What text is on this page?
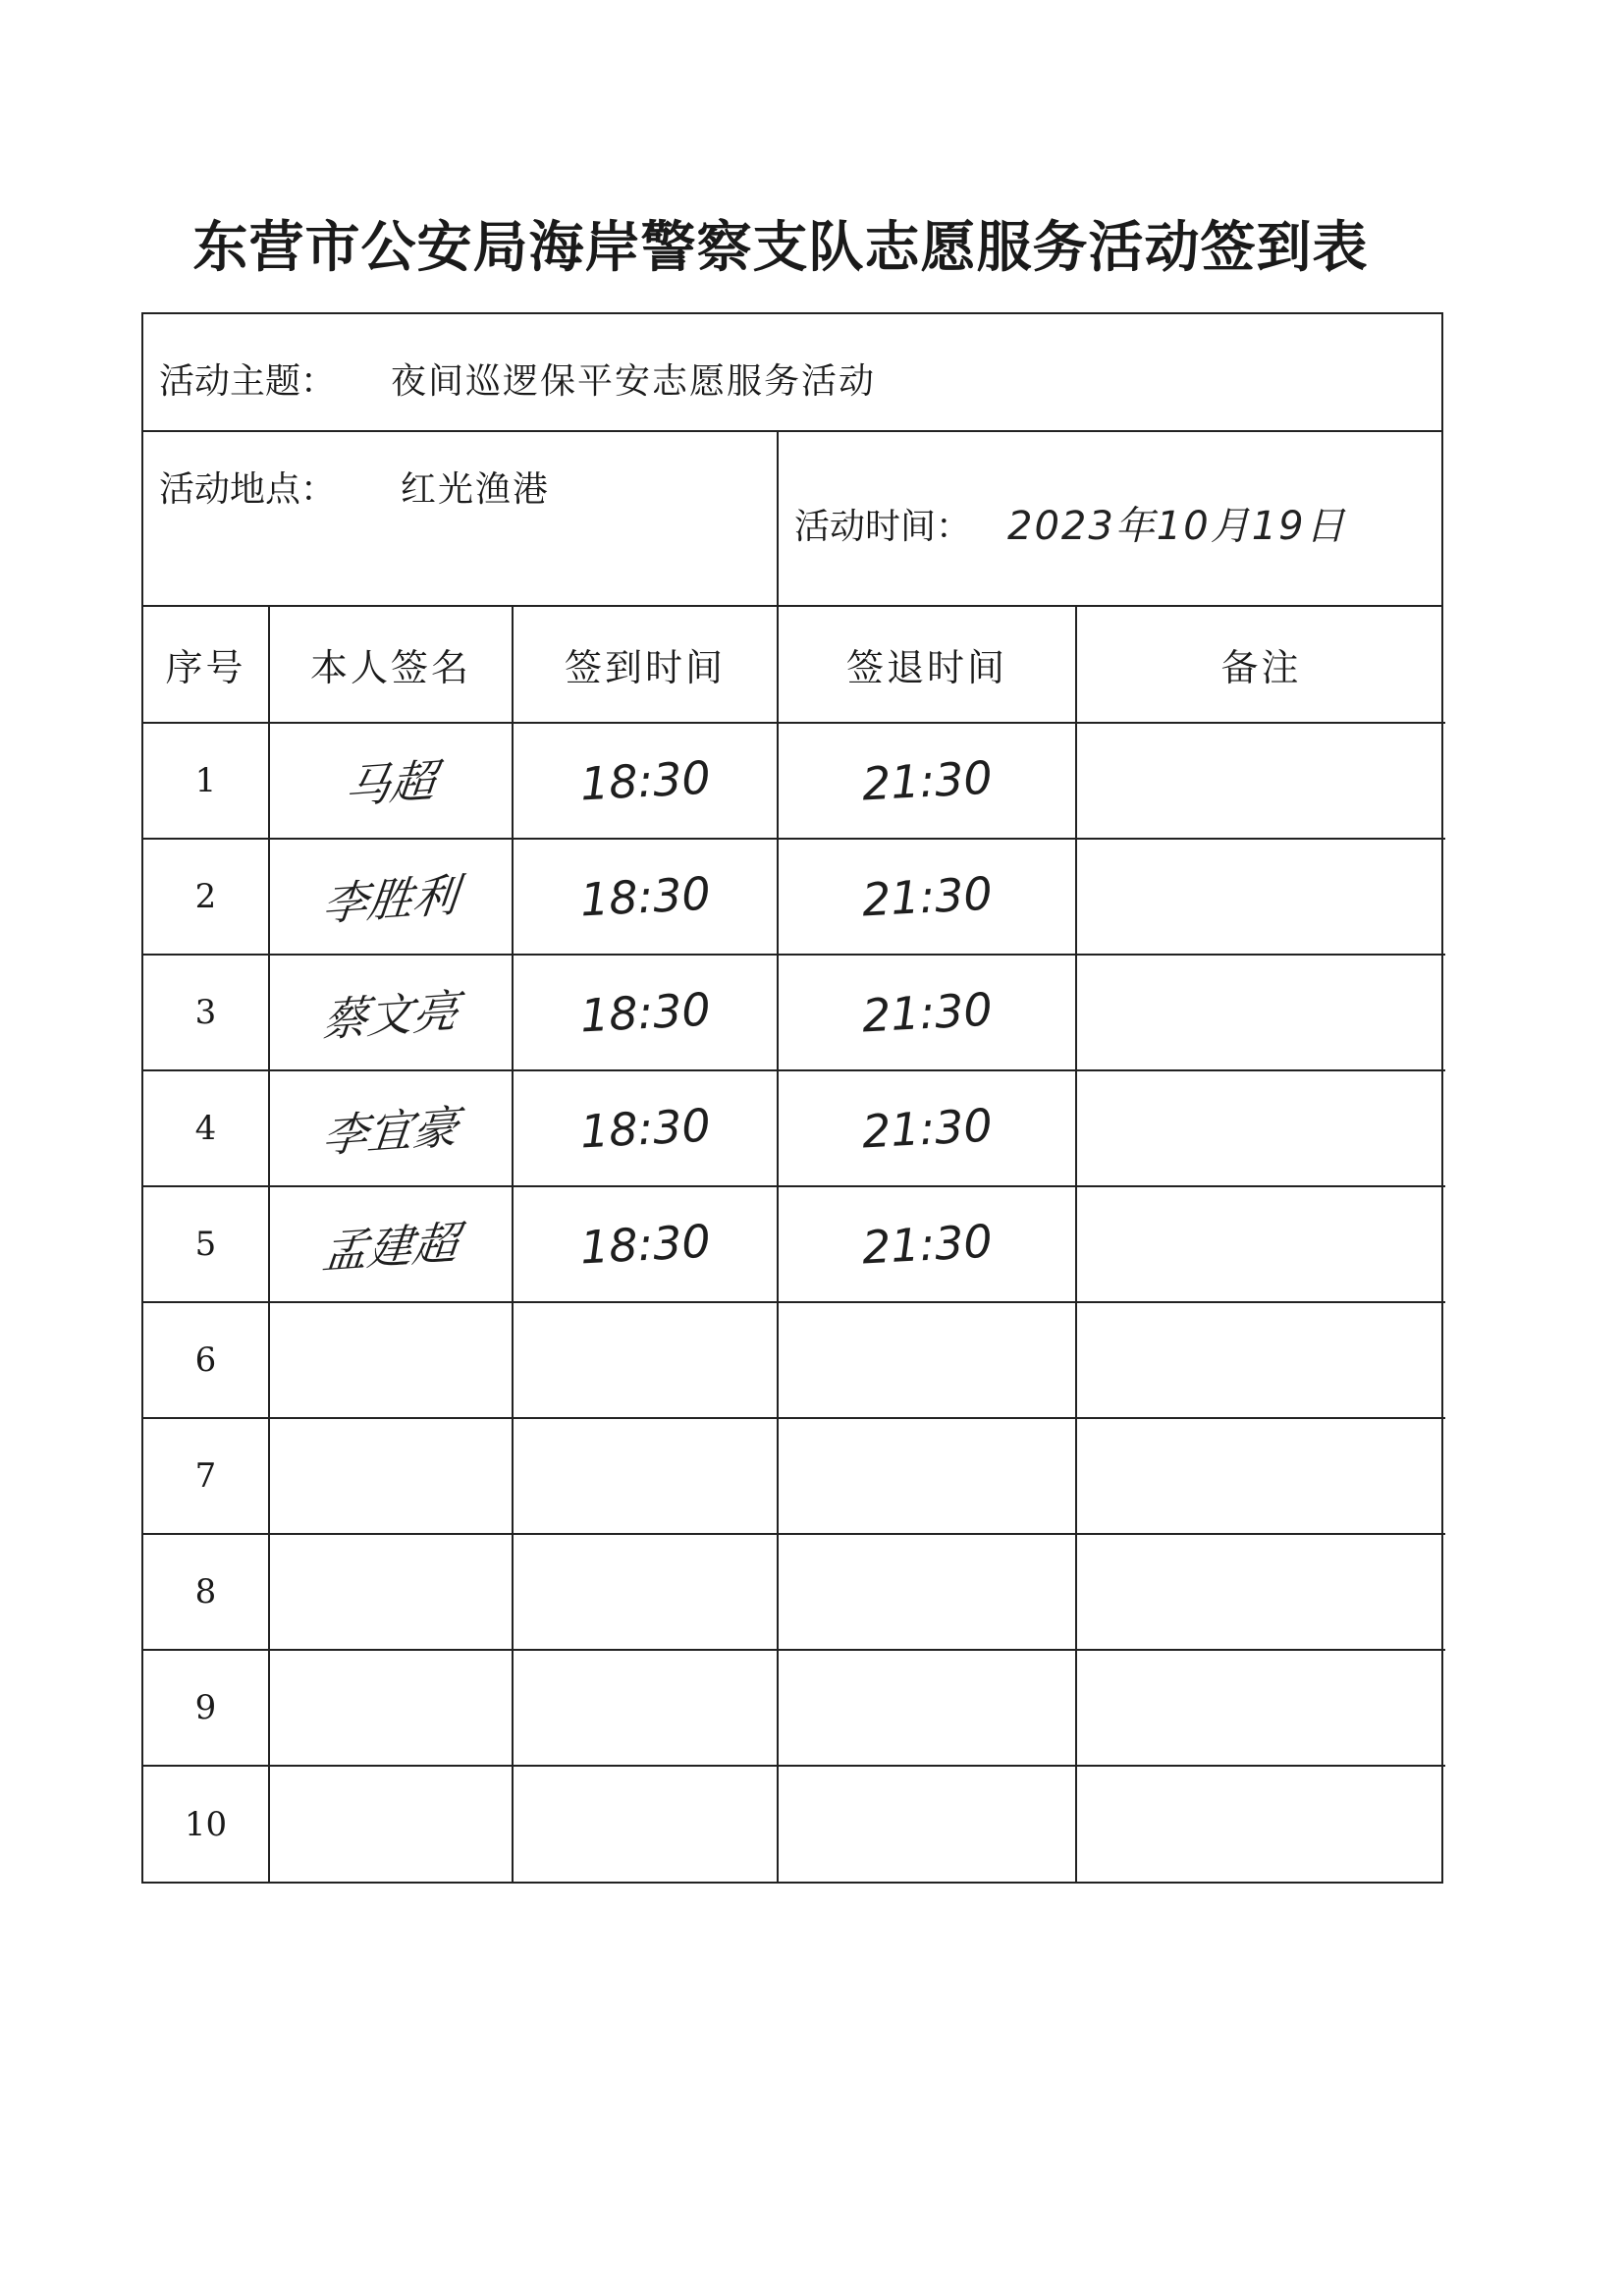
东营市公安局海岸警察支队志愿服务活动签到表
活动主题： 夜间巡逻保平安志愿服务活动
活动地点： 红光渔港
活动时间： 2023年10月19日
序号	本人签名	签到时间	签退时间	备注
1	马超	18:30	21:30	
2	李胜利	18:30	21:30	
3	蔡文亮	18:30	21:30	
4	李宜豪	18:30	21:30	
5	孟建超	18:30	21:30	
6				
7				
8				
9				
10				
